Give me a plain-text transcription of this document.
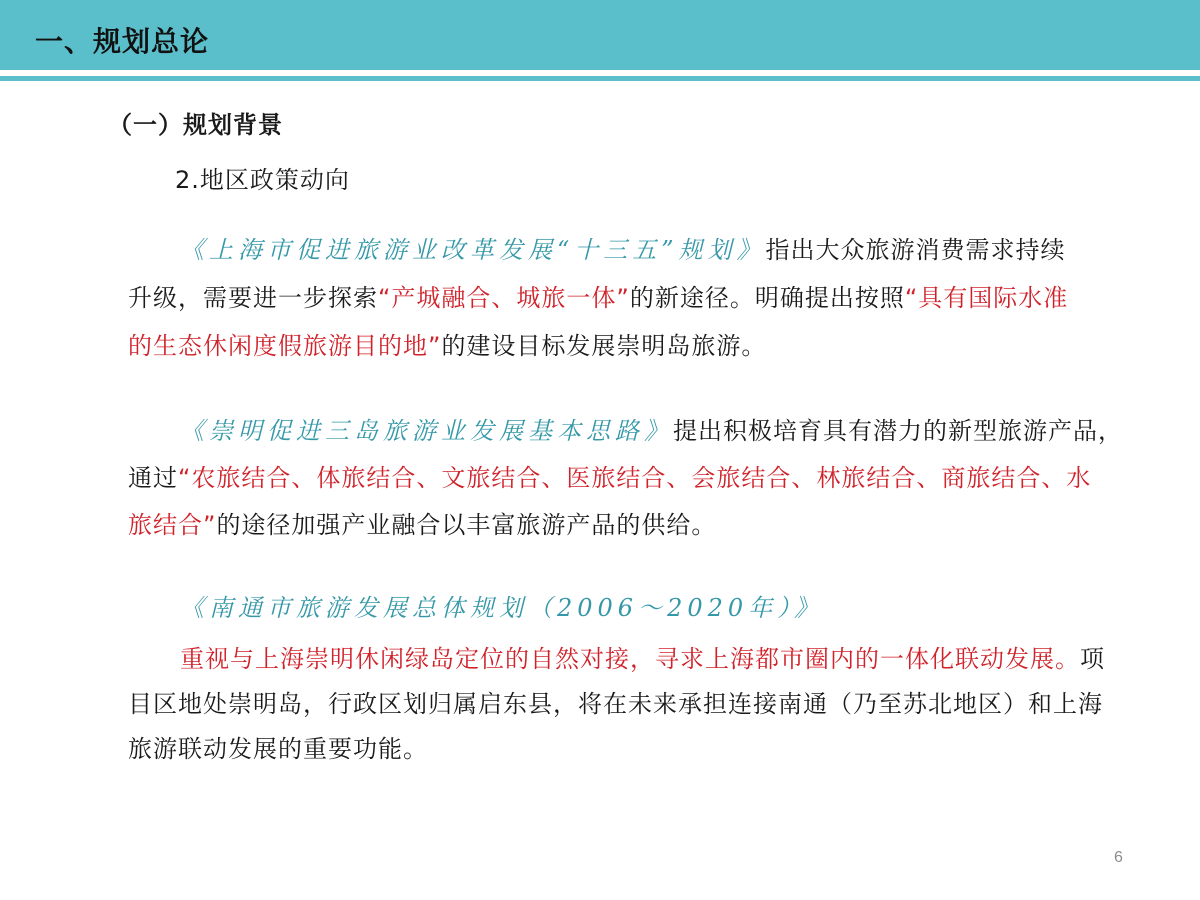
一、规划总论
（一）规划背景
2.地区政策动向
《上海市促进旅游业改革发展“十三五”规划》 指出大众旅游消费需求持续
升级，需要进一步探索 “产城融合、城旅一体” 的新途径。明确提出按照 “具有国际水准
的生态休闲度假旅游目的地” 的建设目标发展崇明岛旅游。
《崇明促进三岛旅游业发展基本思路》 提出积极培育具有潜力的新型旅游产品，
通过 “农旅结合、体旅结合、文旅结合、医旅结合、会旅结合、林旅结合、商旅结合、水
旅结合” 的途径加强产业融合以丰富旅游产品的供给。
《南通市旅游发展总体规划（2006～2020年）》
重视与上海崇明休闲绿岛定位的自然对接，寻求上海都市圈内的一体化联动发展。 项
目区地处崇明岛，行政区划归属启东县，将在未来承担连接南通（乃至苏北地区）和上海
旅游联动发展的重要功能。
6
